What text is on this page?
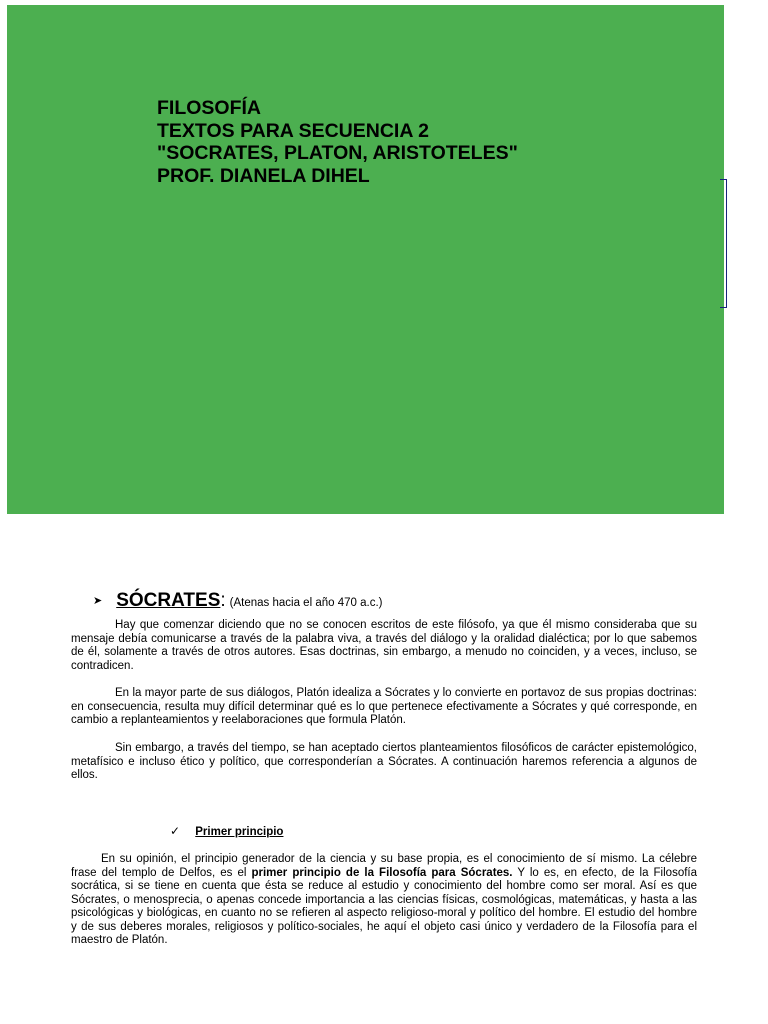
FILOSOFÍA
TEXTOS PARA SECUENCIA 2
"SOCRATES, PLATON, ARISTOTELES"
PROF. DIANELA DIHEL
➤ SÓCRATES : (Atenas hacia el año 470 a.c.)
Hay que comenzar diciendo que no se conocen escritos de este filósofo, ya que él mismo consideraba que su mensaje debía comunicarse a través de la palabra viva, a través del diálogo y la oralidad dialéctica; por lo que sabemos de él, solamente a través de otros autores. Esas doctrinas, sin embargo, a menudo no coinciden, y a veces, incluso, se contradicen.
En la mayor parte de sus diálogos, Platón idealiza a Sócrates y lo convierte en portavoz de sus propias doctrinas: en consecuencia, resulta muy difícil determinar qué es lo que pertenece efectivamente a Sócrates y qué corresponde, en cambio a replanteamientos y reelaboraciones que formula Platón.
Sin embargo, a través del tiempo, se han aceptado ciertos planteamientos filosóficos de carácter epistemológico, metafísico e incluso ético y político, que corresponderían a Sócrates. A continuación haremos referencia a algunos de ellos.
✓ Primer principio
En su opinión, el principio generador de la ciencia y su base propia, es el conocimiento de sí mismo. La célebre frase del templo de Delfos, es el primer principio de la Filosofía para Sócrates. Y lo es, en efecto, de la Filosofía socrática, si se tiene en cuenta que ésta se reduce al estudio y conocimiento del hombre como ser moral. Así es que Sócrates, o menosprecia, o apenas concede importancia a las ciencias físicas, cosmológicas, matemáticas, y hasta a las psicológicas y biológicas, en cuanto no se refieren al aspecto religioso-moral y político del hombre. El estudio del hombre y de sus deberes morales, religiosos y político-sociales, he aquí el objeto casi único y verdadero de la Filosofía para el maestro de Platón.
